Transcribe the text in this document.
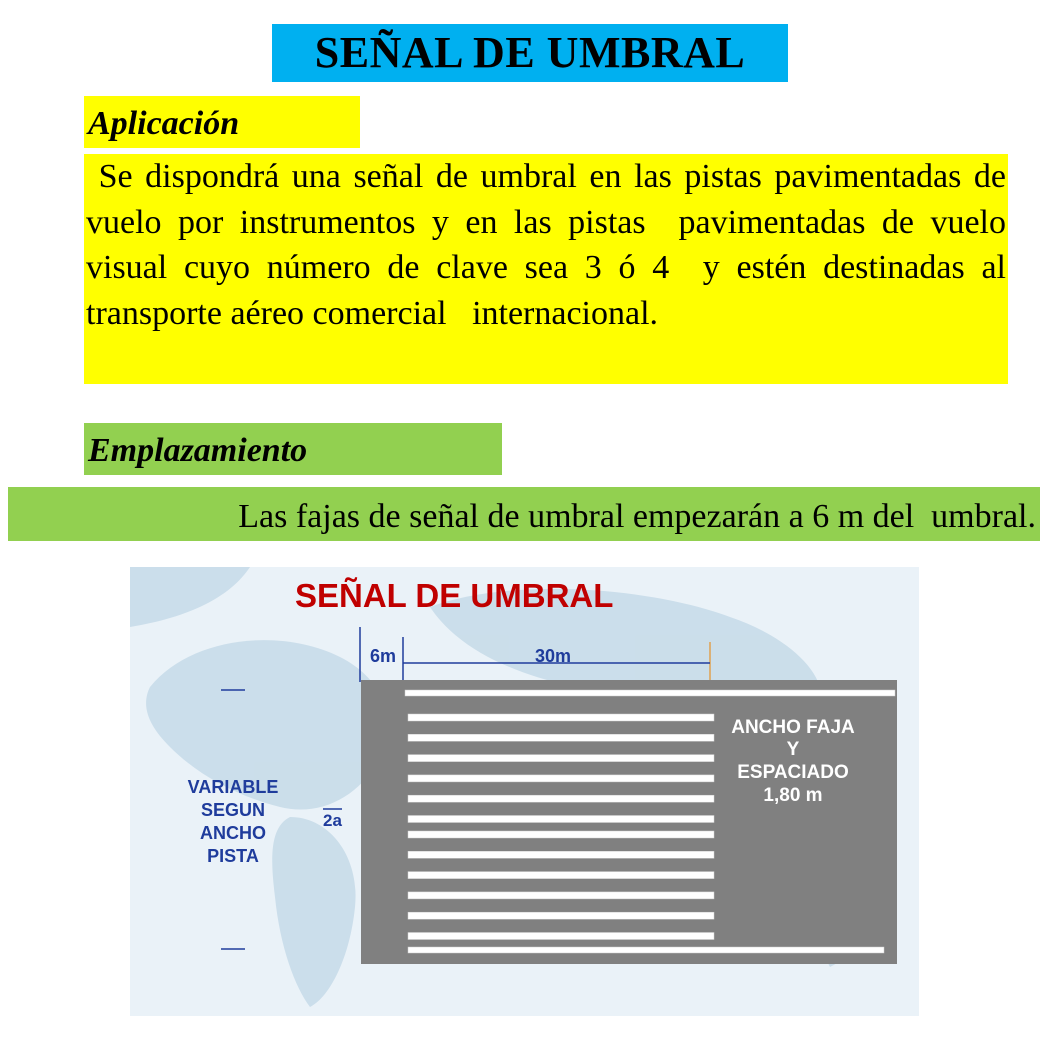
SEÑAL DE UMBRAL
Aplicación

Se dispondrá una señal de umbral en las pistas pavimentadas de vuelo por instrumentos y en las pistas  pavimentadas de vuelo visual cuyo número de clave sea 3 ó 4  y estén destinadas al transporte aéreo comercial   internacional.

Emplazamiento
Las fajas de señal de umbral empezarán a 6 m del  umbral.
SEÑAL DE UMBRAL
6m	30m
ANCHO FAJA
Y
ESPACIADO
1,80 m
VARIABLE
SEGUN
ANCHO
PISTA
2a
